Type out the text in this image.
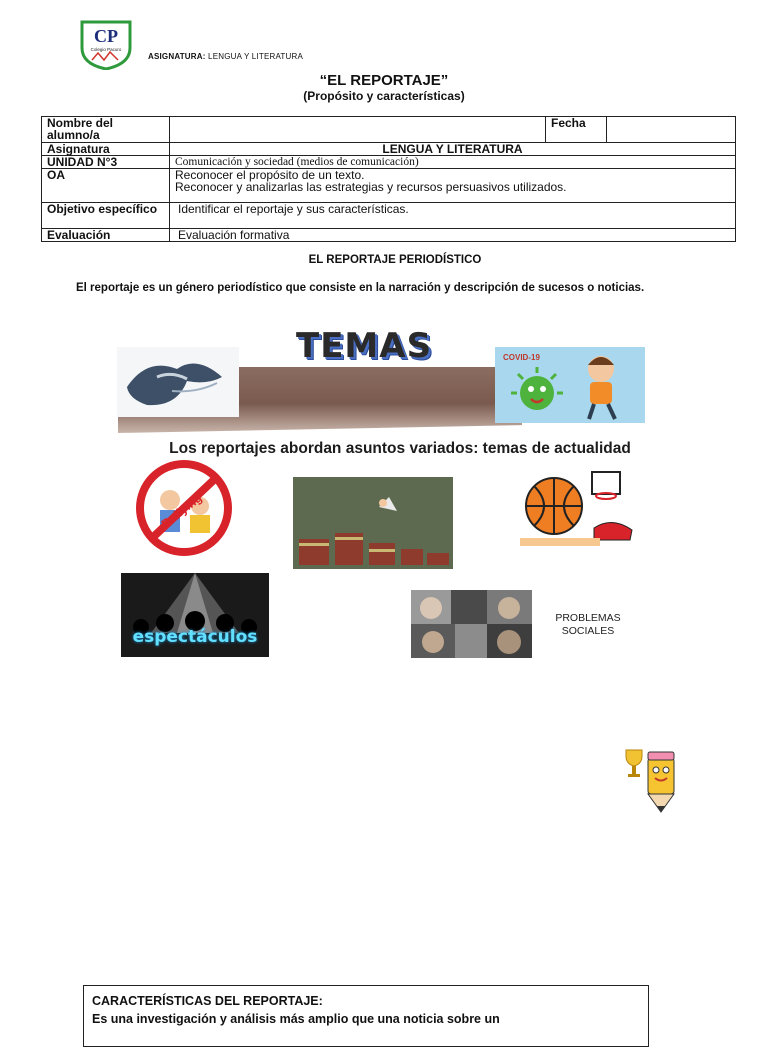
CP
Colegio Pacuro
ASIGNATURA: LENGUA Y LITERATURA
“EL REPORTAJE”
(Propósito y características)
Nombre del alumno/a		Fecha	
Asignatura	LENGUA Y LITERATURA		
UNIDAD N°3	Comunicación y sociedad (medios de comunicación)		
OA	Reconocer el propósito de un texto.
Reconocer y analizarlas las estrategias y recursos persuasivos utilizados.		

Objetivo específico	Identificar el reportaje y sus características.		
Evaluación	Evaluación formativa		
EL REPORTAJE PERIODÍSTICO
El reportaje es un género periodístico que consiste en la narración y descripción de sucesos o noticias.
TEMAS	COVID-19
Los reportajes abordan asuntos variados: temas de actualidad
espectáculos
PROBLEMAS SOCIALES
CARACTERÍSTICAS DEL REPORTAJE:
Es una investigación y análisis más amplio que una noticia sobre un
